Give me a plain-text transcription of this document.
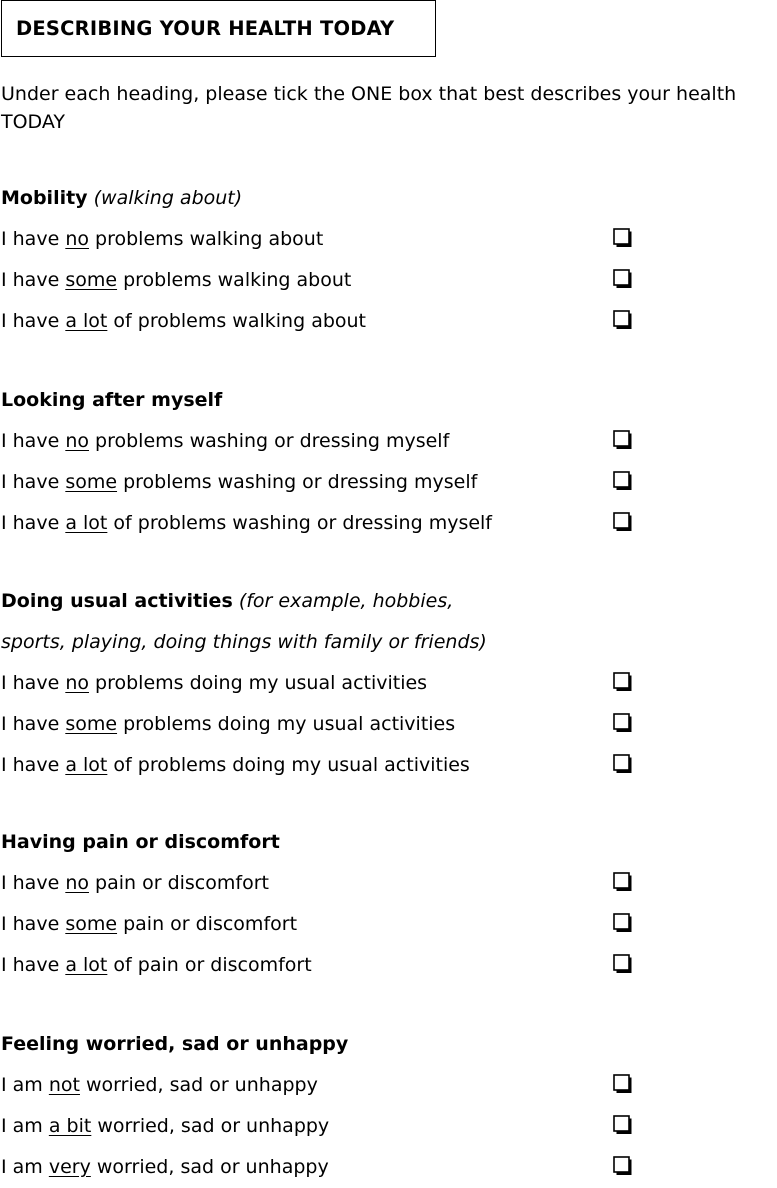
DESCRIBING YOUR HEALTH TODAY
Under each heading, please tick the ONE box that best describes your health TODAY
Mobility (walking about)
I have no problems walking about
I have some problems walking about
I have a lot of problems walking about
Looking after myself
I have no problems washing or dressing myself
I have some problems washing or dressing myself
I have a lot of problems washing or dressing myself
Doing usual activities (for example, hobbies,
sports, playing, doing things with family or friends)
I have no problems doing my usual activities
I have some problems doing my usual activities
I have a lot of problems doing my usual activities
Having pain or discomfort
I have no pain or discomfort
I have some pain or discomfort
I have a lot of pain or discomfort
Feeling worried, sad or unhappy
I am not worried, sad or unhappy
I am a bit worried, sad or unhappy
I am very worried, sad or unhappy
